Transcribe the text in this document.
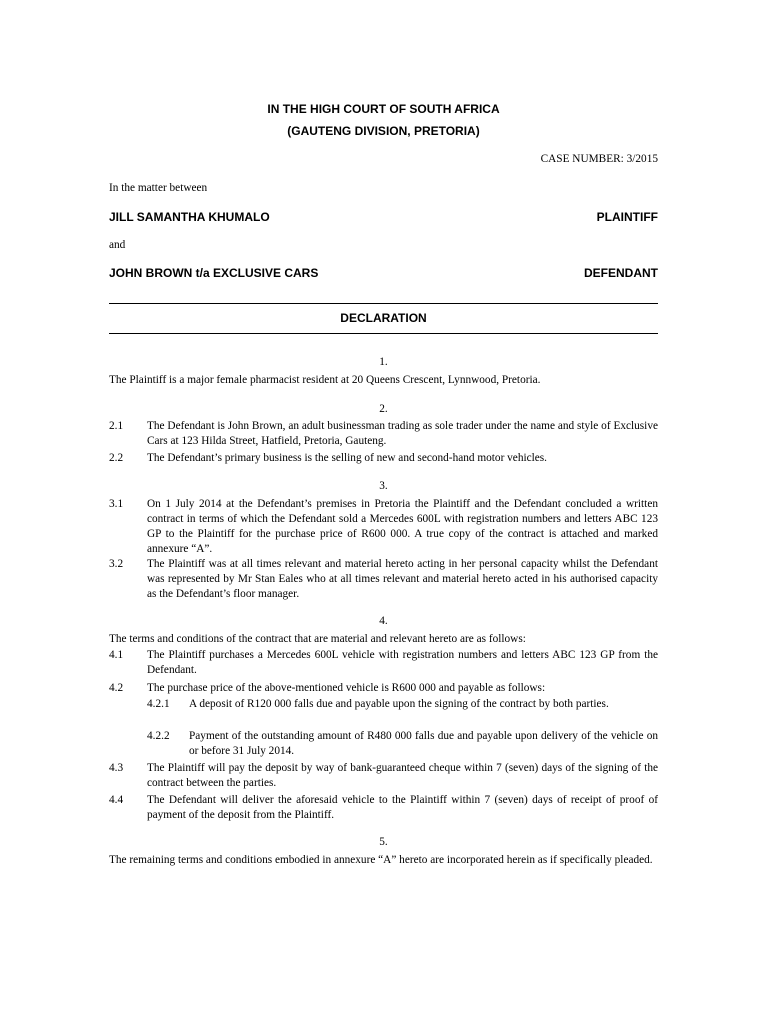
IN THE HIGH COURT OF SOUTH AFRICA
(GAUTENG DIVISION, PRETORIA)
CASE NUMBER: 3/2015
In the matter between
JILL SAMANTHA KHUMALO	PLAINTIFF
and
JOHN BROWN t/a EXCLUSIVE CARS	DEFENDANT
DECLARATION
1.
The Plaintiff is a major female pharmacist resident at 20 Queens Crescent, Lynnwood, Pretoria.
2.
2.1 The Defendant is John Brown, an adult businessman trading as sole trader under the name and style of Exclusive Cars at 123 Hilda Street, Hatfield, Pretoria, Gauteng.
2.2 The Defendant’s primary business is the selling of new and second-hand motor vehicles.
3.
3.1 On 1 July 2014 at the Defendant’s premises in Pretoria the Plaintiff and the Defendant concluded a written contract in terms of which the Defendant sold a Mercedes 600L with registration numbers and letters ABC 123 GP to the Plaintiff for the purchase price of R600 000. A true copy of the contract is attached and marked annexure “A”.
3.2 The Plaintiff was at all times relevant and material hereto acting in her personal capacity whilst the Defendant was represented by Mr Stan Eales who at all times relevant and material hereto acted in his authorised capacity as the Defendant’s floor manager.
4.
The terms and conditions of the contract that are material and relevant hereto are as follows:
4.1 The Plaintiff purchases a Mercedes 600L vehicle with registration numbers and letters ABC 123 GP from the Defendant.
4.2 The purchase price of the above-mentioned vehicle is R600 000 and payable as follows:
4.2.1 A deposit of R120 000 falls due and payable upon the signing of the contract by both parties.
4.2.2 Payment of the outstanding amount of R480 000 falls due and payable upon delivery of the vehicle on or before 31 July 2014.
4.3 The Plaintiff will pay the deposit by way of bank-guaranteed cheque within 7 (seven) days of the signing of the contract between the parties.
4.4 The Defendant will deliver the aforesaid vehicle to the Plaintiff within 7 (seven) days of receipt of proof of payment of the deposit from the Plaintiff.
5.
The remaining terms and conditions embodied in annexure “A” hereto are incorporated herein as if specifically pleaded.
